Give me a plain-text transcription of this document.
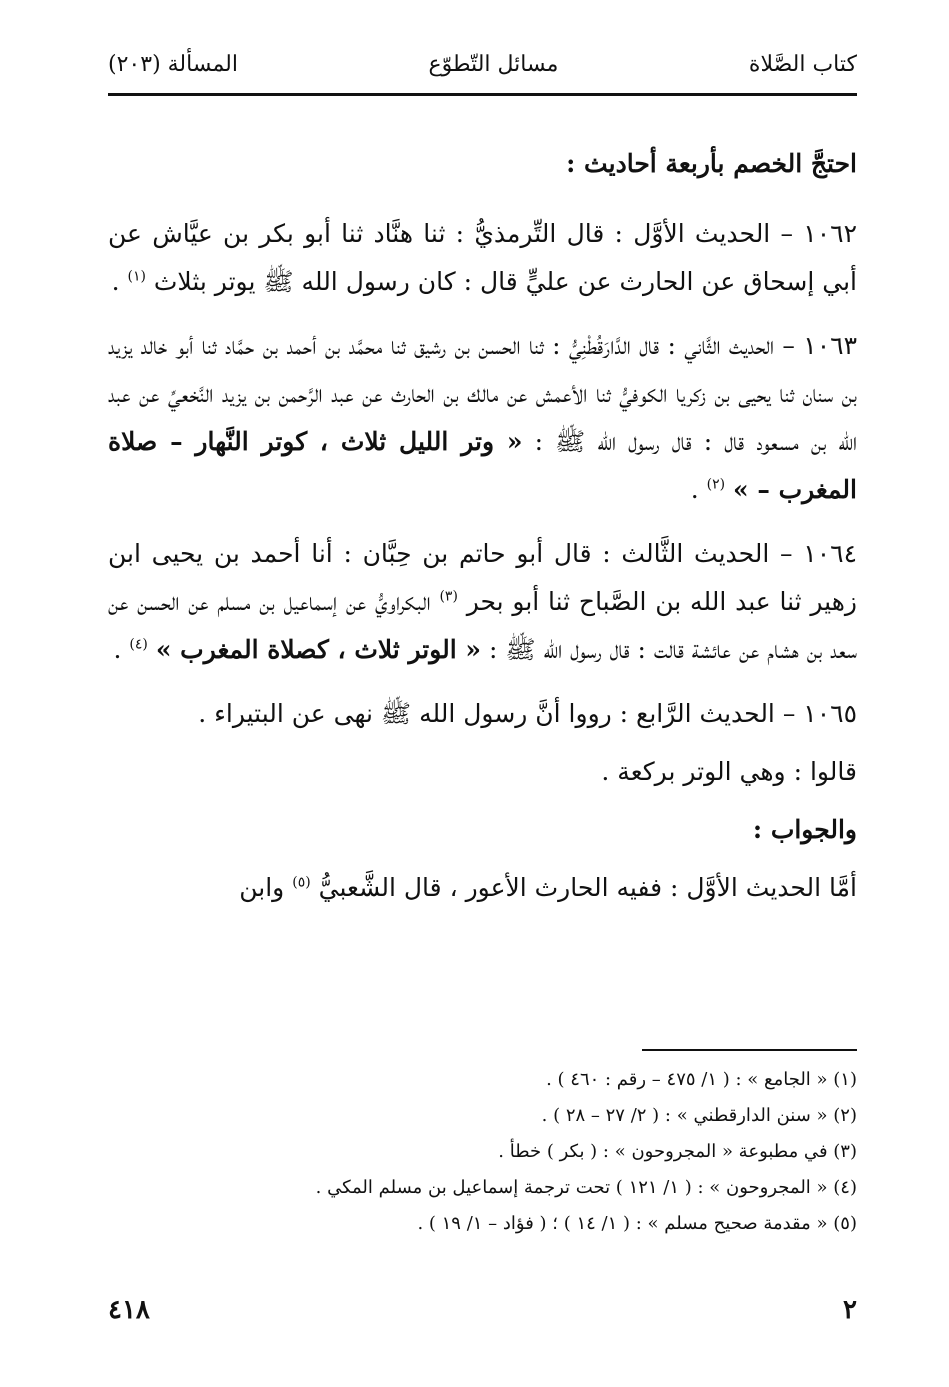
كتاب الصَّلاة
مسائل التّطوّع
المسألة (٢٠٣)

احتجَّ الخصم بأربعة أحاديث :

١٠٦٢ – الحديث الأوَّل : قال التِّرمذيُّ : ثنا هنَّاد ثنا أبو بكر بن عيَّاش عن أبي إسحاق عن الحارث عن عليٍّ قال : كان رسول الله ﷺ يوتر بثلاث $^{(١)}$ .

١٠٦٣ – الحديث الثَّاني : قال الدَّارَقُطْنِيُّ : ثنا الحسن بن رشيق ثنا محمَّد بن أحمد بن حمَّاد ثنا أبو خالد يزيد بن سنان ثنا يحيى بن زكريا الكوفيُّ ثنا الأعمش عن مالك بن الحارث عن عبد الرَّحمن بن يزيد النَّخعيِّ عن عبد الله بن مسعود قال : قال رسول الله ﷺ : « وتر الليل ثلاث ، كوتر النَّهار – صلاة المغرب – » $^{(٢)}$ .

١٠٦٤ – الحديث الثَّالث : قال أبو حاتم بن حِبَّان : أنا أحمد بن يحيى ابن زهير ثنا عبد الله بن الصَّباح ثنا أبو بحر $^{(٣)}$ البكراويُّ عن إسماعيل بن مسلم عن الحسن عن سعد بن هشام عن عائشة قالت : قال رسول الله ﷺ : « الوتر ثلاث ، كصلاة المغرب » $^{(٤)}$ .

١٠٦٥ – الحديث الرَّابع : رووا أنَّ رسول الله ﷺ نهى عن البتيراء .

قالوا : وهي الوتر بركعة .

والجواب :

أمَّا الحديث الأوَّل : ففيه الحارث الأعور ، قال الشَّعبيُّ $^{(٥)}$ وابن

(١) « الجامع » : ( ١/ ٤٧٥ – رقم : ٤٦٠ ) .
(٢) « سنن الدارقطني » : ( ٢/ ٢٧ – ٢٨ ) .
(٣) في مطبوعة « المجروحون » : ( بكر ) خطأ .
(٤) « المجروحون » : ( ١/ ١٢١ ) تحت ترجمة إسماعيل بن مسلم المكي .
(٥) « مقدمة صحيح مسلم » : ( ١/ ١٤ ) ؛ ( فؤاد – ١/ ١٩ ) .
٢
٤١٨
